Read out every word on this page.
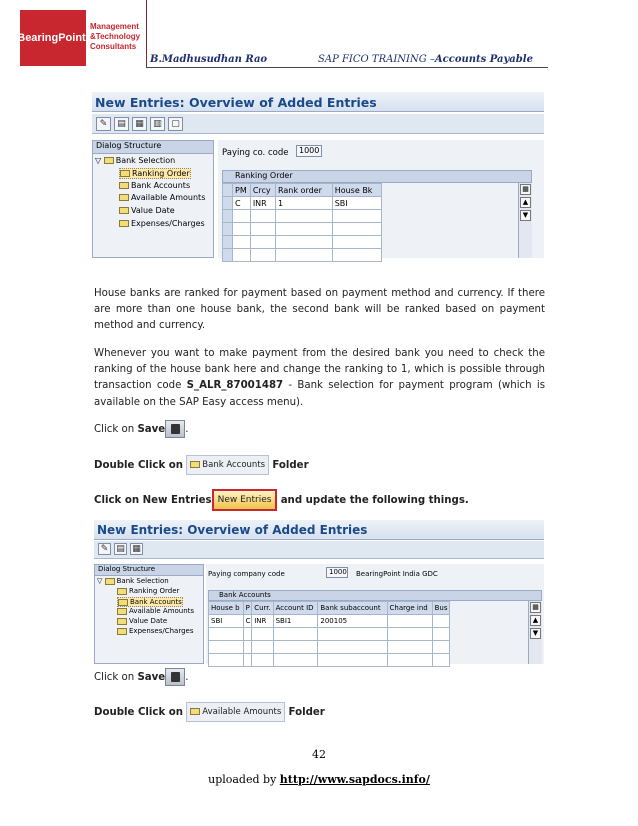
BearingPoint.
Management &Technology Consultants
B.Madhusudhan Rao	SAP FICO TRAINING –Accounts Payable
New Entries: Overview of Added Entries
✎	▤	▦	▥	▢
Dialog Structure
▽ Bank Selection
Ranking Order
Bank Accounts
Available Amounts
Value Date
Expenses/Charges
Paying co. code	1000
Ranking Order
	PM	Crcy	Rank order	House Bk
	C	INR	1	SBI

▦
▲
▼
House banks are ranked for payment based on payment method and currency. If there are more than one house bank, the second bank will be ranked based on payment method and currency.
Whenever you want to make payment from the desired bank you need to check the ranking of the house bank here and change the ranking to 1, which is possible through transaction code S_ALR_87001487 - Bank selection for payment program (which is available on the SAP Easy access menu).
Click on Save .
Double Click on Bank Accounts Folder
Click on New Entries New Entries and update the following things.
New Entries: Overview of Added Entries
✎ ▤ ▦
Dialog Structure
▽ Bank Selection
Ranking Order
Bank Accounts
Available Amounts
Value Date
Expenses/Charges
Paying company code	1000 BearingPoint India GDC
Bank Accounts
House b	P	Curr.	Account ID	Bank subaccount	Charge ind	Bus
SBI	C	INR	SBI1	200105		

▦
▲
▼
Click on Save .
Double Click on Available Amounts Folder
42
uploaded by http://www.sapdocs.info/
